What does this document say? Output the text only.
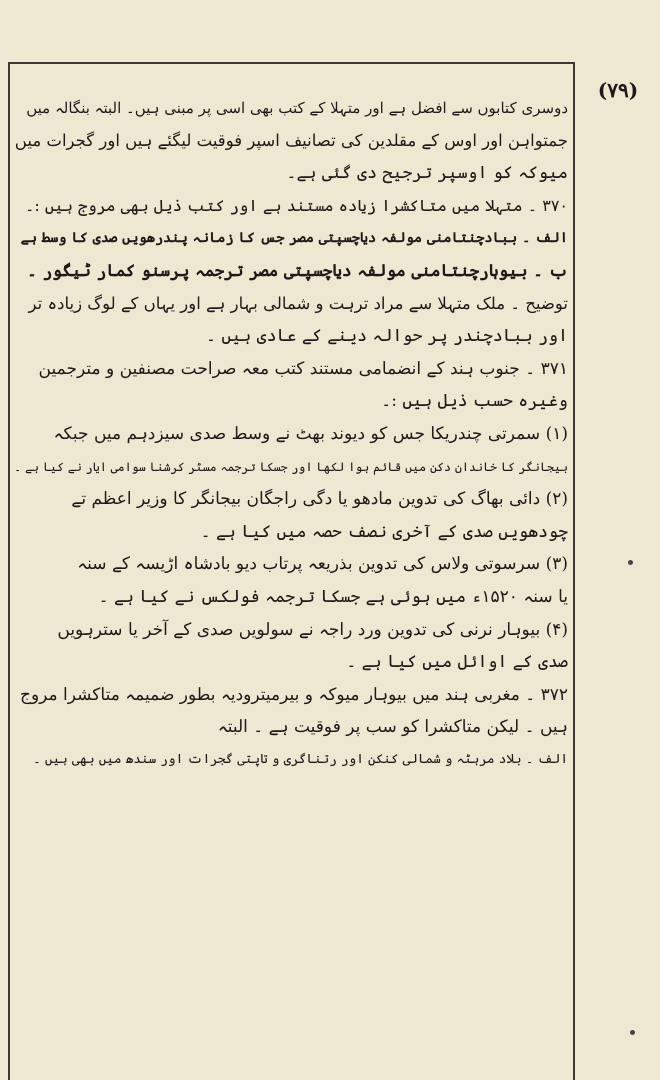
(۷۹)
دوسری کتابوں سے افضل ہے اور متہلا کے کتب بھی اسی پر مبنی ہیں۔ البتہ بنگالہ میں
جمتواہن اور اوس کے مقلدین کی تصانیف اسپر فوقیت لیگئے ہیں اور گجرات میں
میوکہ کو اوسپر ترجیح دی گئی ہے۔
۳۷۰ ۔ متہلا میں متاکشرا زیادہ مستند ہے اور کتب ذیل بھی مروج ہیں :۔
الف ۔ ببادچنتامنی مولفہ دیاچسپتی مصر جس کا زمانہ پندرھویں صدی کا وسط ہے
ب ۔ بیوہارچنتامنی مولفہ دیاچسپتی مصر ترجمہ پرسنو کمار ٹیگور ۔
توضیح ۔ ملک متہلا سے مراد ترہت و شمالی بہار ہے اور یہاں کے لوگ زیادہ تر
اور ببادچندر پر حوالہ دینے کے عادی ہیں ۔
۳۷۱ ۔ جنوب ہند کے انضمامی مستند کتب معہ صراحت مصنفین و مترجمین
وغیرہ حسب ذیل ہیں :۔
(۱) سمرتی چندریکا جس کو دیوند بھٹ نے وسط صدی سیزدہم میں جبکہ
بیجانگر کا خاندان دکن میں قائم ہوا لکھا اور جسکا ترجمہ مسٹر کرشنا سوامی ایار نے کیا ہے ۔
(۲) دائی بھاگ کی تدوین مادھو یا دگی راجگان بیجانگر کا وزیر اعظم تے
چودھویں صدی کے آخری نصف حصہ میں کیا ہے ۔
(۳) سرسوتی ولاس کی تدوین بذریعہ پرتاب دیو بادشاہ اڑیسہ کے سنہ
یا سنہ ۱۵۲۰ء میں ہوئی ہے جسکا ترجمہ فولکس نے کیا ہے ۔
(۴) بیوہار نرنی کی تدوین ورد راجہ نے سولویں صدی کے آخر یا سترہویں
صدی کے اوائل میں کیا ہے ۔
۳۷۲ ۔ مغربی ہند میں بیوہار میوکہ و بیرمیترودیہ بطور ضمیمہ متاکشرا مروج
ہیں ۔ لیکن متاکشرا کو سب پر فوقیت ہے ۔ البتہ
الف ۔ بلاد مرہٹہ و شمالی کنکن اور رتناگری و تاپتی گجرات اور سندھ میں بھی ہیں ۔
